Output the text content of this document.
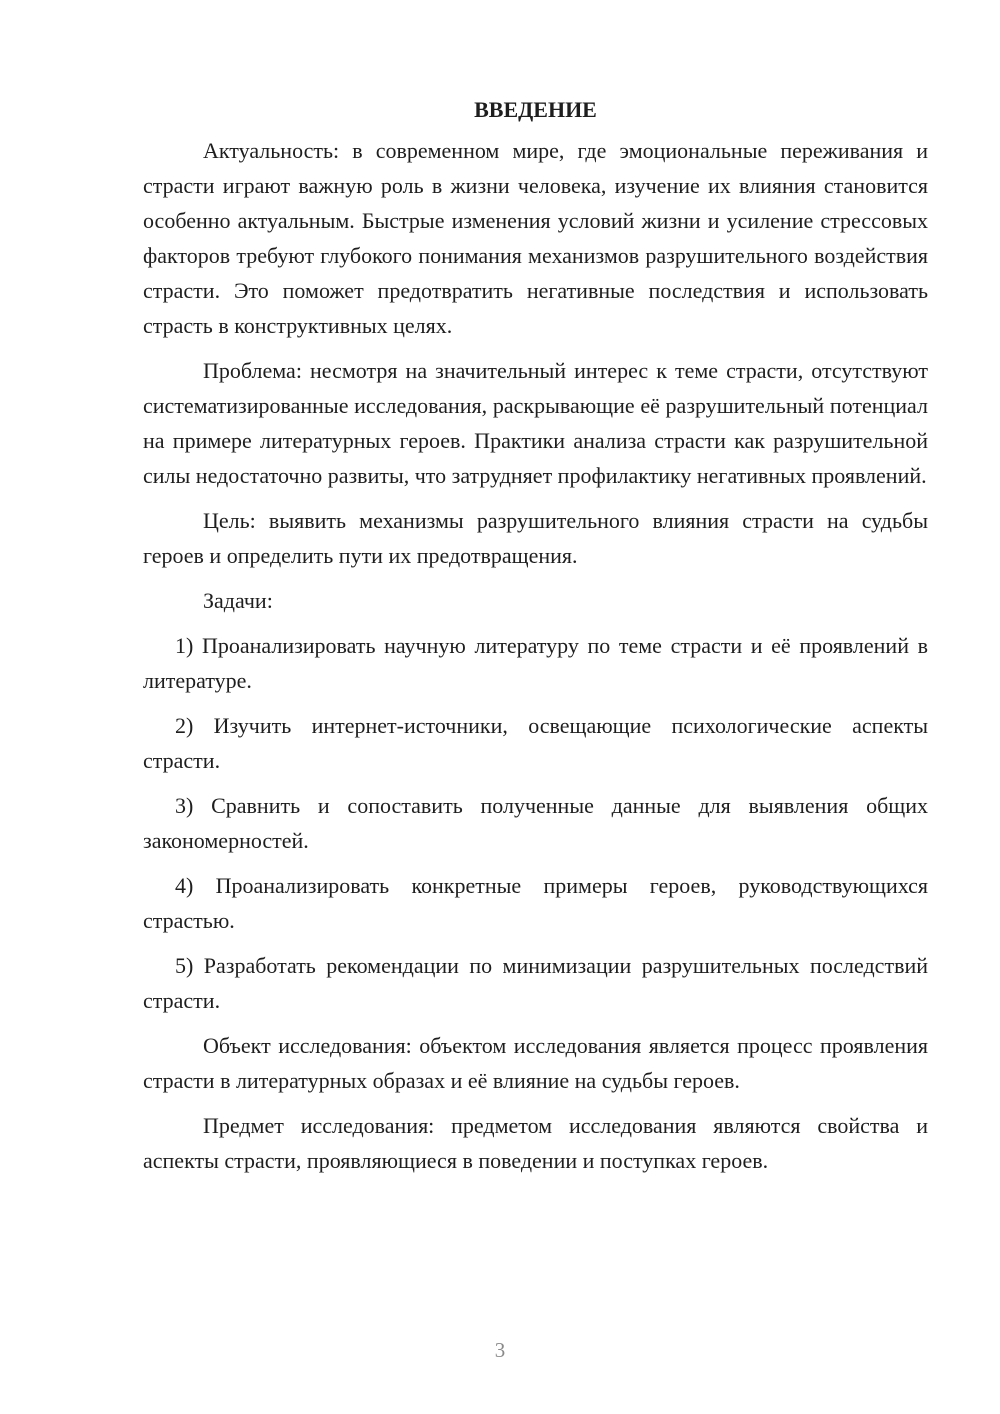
ВВЕДЕНИЕ

Актуальность: в современном мире, где эмоциональные переживания и страсти играют важную роль в жизни человека, изучение их влияния становится особенно актуальным. Быстрые изменения условий жизни и усиление стрессовых факторов требуют глубокого понимания механизмов разрушительного воздействия страсти. Это поможет предотвратить негативные последствия и использовать страсть в конструктивных целях.

Проблема: несмотря на значительный интерес к теме страсти, отсутствуют систематизированные исследования, раскрывающие её разрушительный потенциал на примере литературных героев. Практики анализа страсти как разрушительной силы недостаточно развиты, что затрудняет профилактику негативных проявлений.

Цель: выявить механизмы разрушительного влияния страсти на судьбы героев и определить пути их предотвращения.

Задачи:

1) Проанализировать научную литературу по теме страсти и её проявлений в литературе.

2) Изучить интернет-источники, освещающие психологические аспекты страсти.

3) Сравнить и сопоставить полученные данные для выявления общих закономерностей.

4) Проанализировать конкретные примеры героев, руководствующихся страстью.

5) Разработать рекомендации по минимизации разрушительных последствий страсти.

Объект исследования: объектом исследования является процесс проявления страсти в литературных образах и её влияние на судьбы героев.

Предмет исследования: предметом исследования являются свойства и аспекты страсти, проявляющиеся в поведении и поступках героев.

3
